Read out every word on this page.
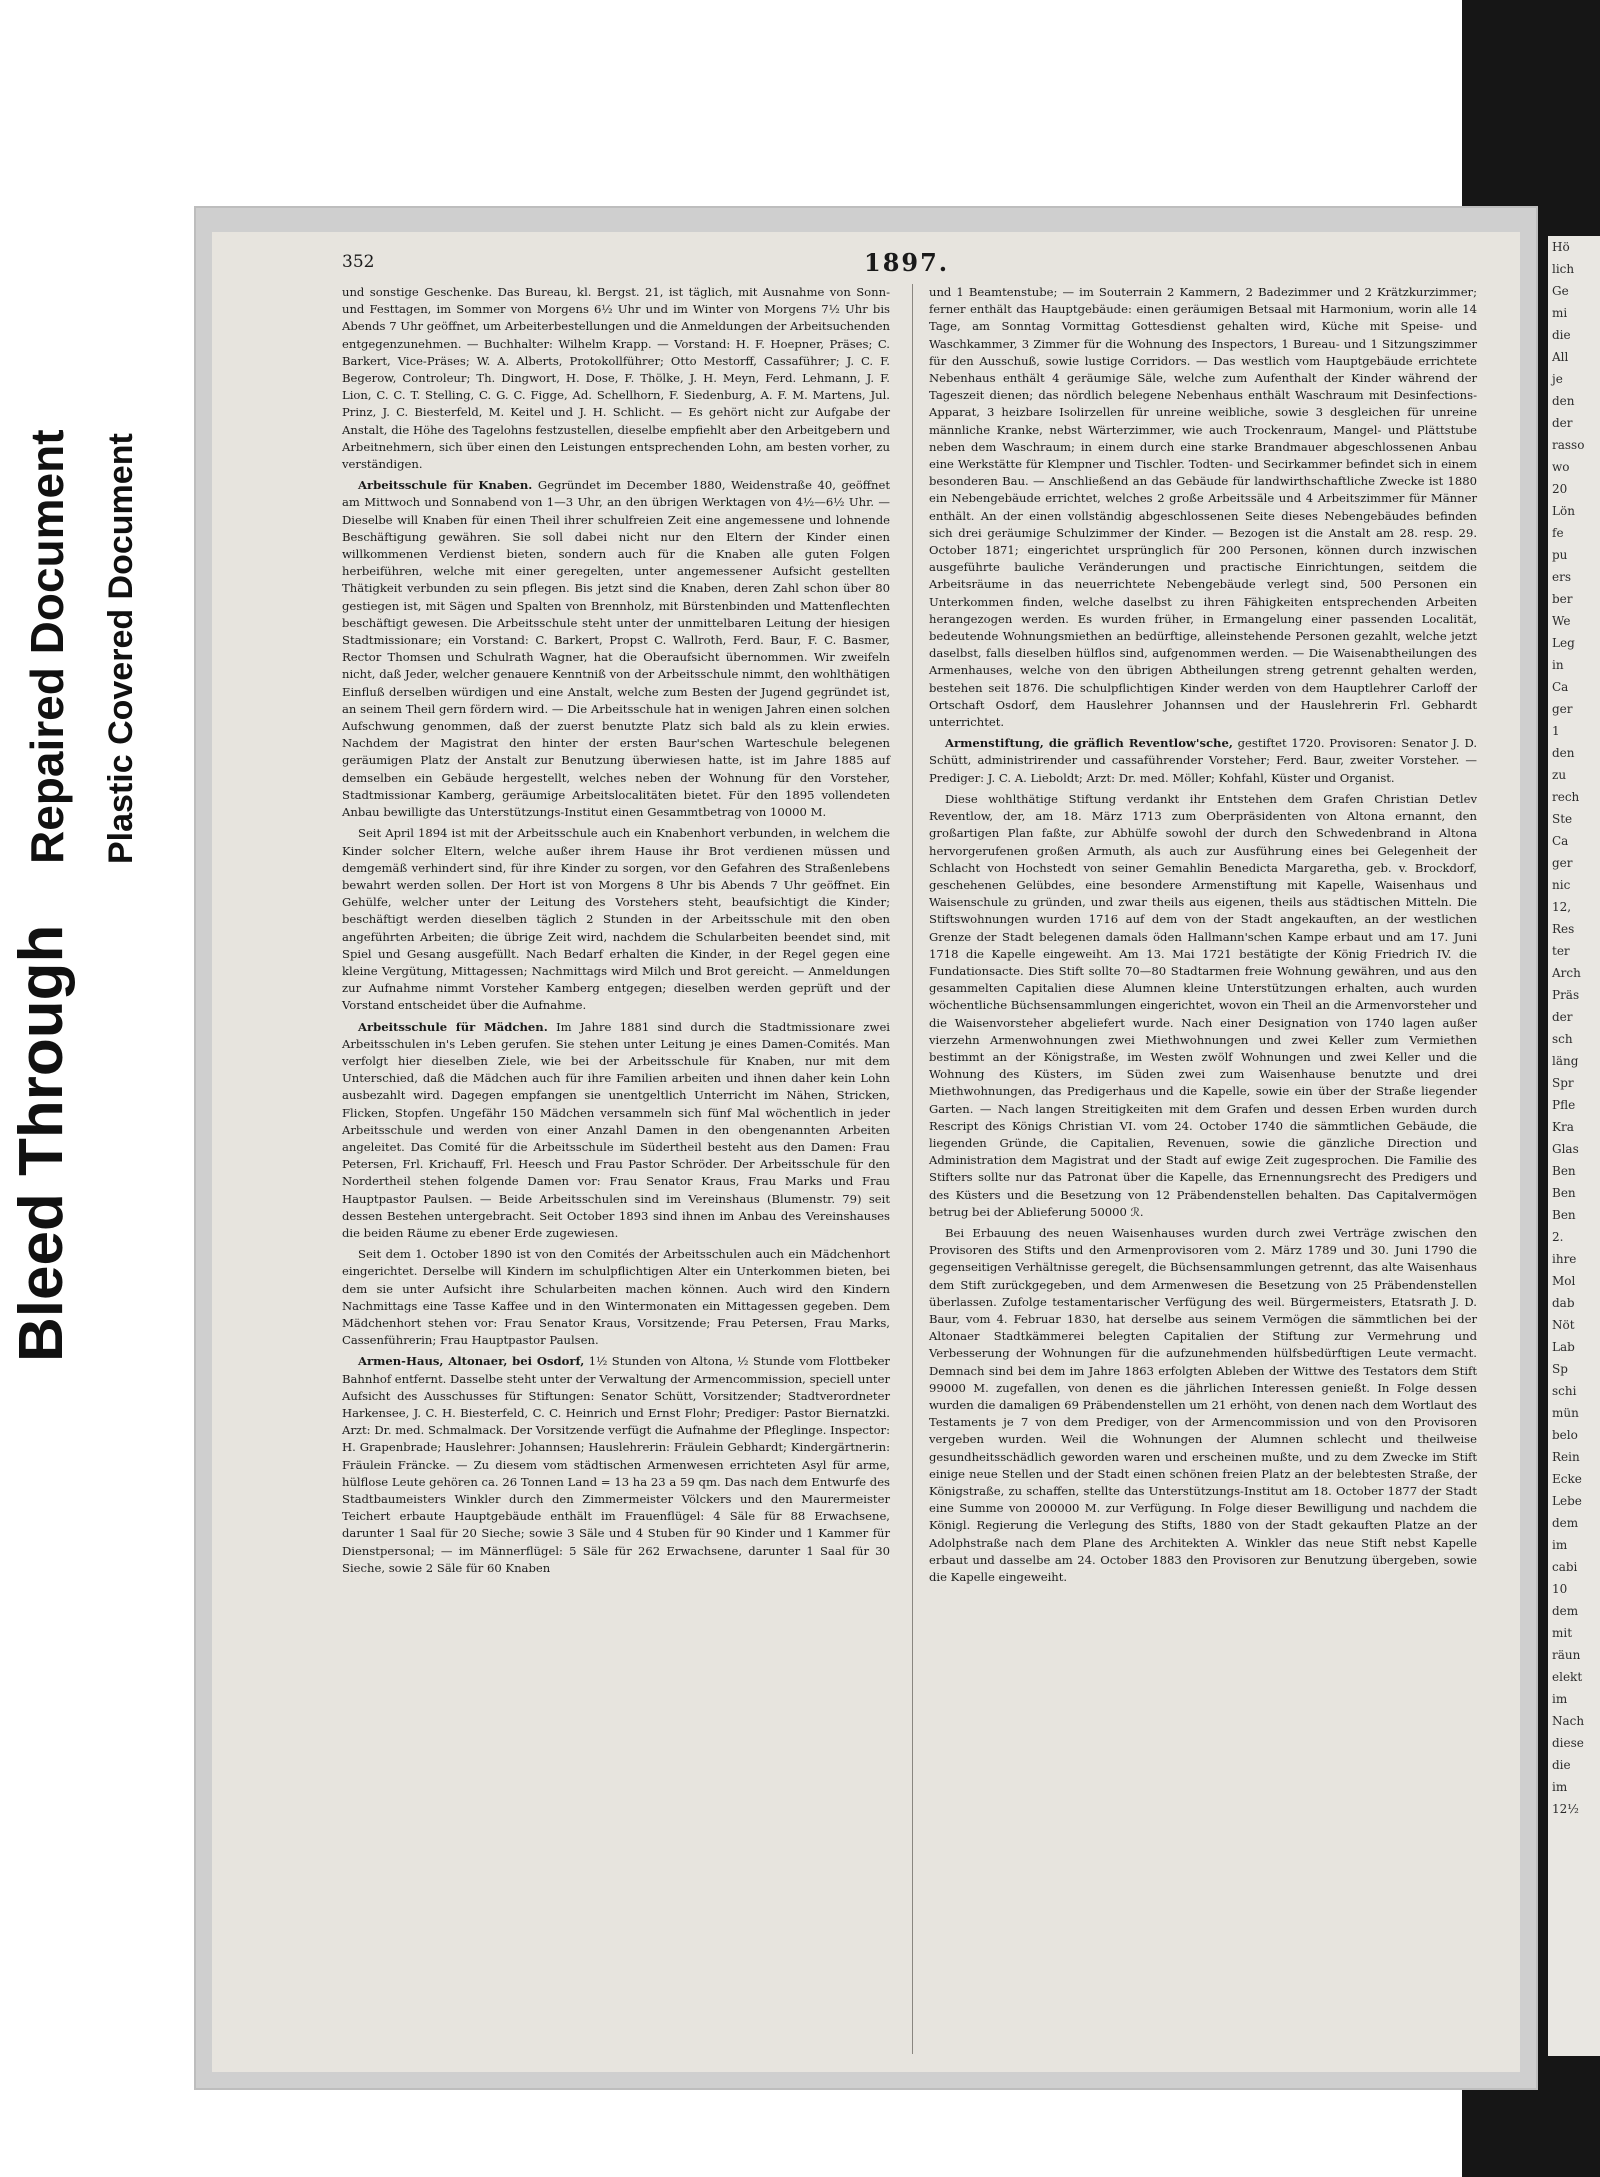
Bleed Through
Repaired Document Plastic Covered Document
352	1897.

und sonstige Geschenke. Das Bureau, kl. Bergst. 21, ist täglich, mit Ausnahme von Sonn- und Festtagen, im Sommer von Morgens 6½ Uhr und im Winter von Morgens 7½ Uhr bis Abends 7 Uhr geöffnet, um Arbeiterbestellungen und die Anmeldungen der Arbeitsuchenden entgegenzunehmen. — Buchhalter: Wilhelm Krapp. — Vorstand: H. F. Hoepner, Präses; C. Barkert, Vice-Präses; W. A. Alberts, Protokollführer; Otto Mestorff, Cassaführer; J. C. F. Begerow, Controleur; Th. Dingwort, H. Dose, F. Thölke, J. H. Meyn, Ferd. Lehmann, J. F. Lion, C. C. T. Stelling, C. G. C. Figge, Ad. Schellhorn, F. Siedenburg, A. F. M. Martens, Jul. Prinz, J. C. Biesterfeld, M. Keitel und J. H. Schlicht. — Es gehört nicht zur Aufgabe der Anstalt, die Höhe des Tagelohns festzustellen, dieselbe empfiehlt aber den Arbeitgebern und Arbeitnehmern, sich über einen den Leistungen entsprechenden Lohn, am besten vorher, zu verständigen.

Arbeitsschule für Knaben. Gegründet im December 1880, Weidenstraße 40, geöffnet am Mittwoch und Sonnabend von 1—3 Uhr, an den übrigen Werktagen von 4½—6½ Uhr. — Dieselbe will Knaben für einen Theil ihrer schulfreien Zeit eine angemessene und lohnende Beschäftigung gewähren. Sie soll dabei nicht nur den Eltern der Kinder einen willkommenen Verdienst bieten, sondern auch für die Knaben alle guten Folgen herbeiführen, welche mit einer geregelten, unter angemessener Aufsicht gestellten Thätigkeit verbunden zu sein pflegen. Bis jetzt sind die Knaben, deren Zahl schon über 80 gestiegen ist, mit Sägen und Spalten von Brennholz, mit Bürstenbinden und Mattenflechten beschäftigt gewesen. Die Arbeitsschule steht unter der unmittelbaren Leitung der hiesigen Stadtmissionare; ein Vorstand: C. Barkert, Propst C. Wallroth, Ferd. Baur, F. C. Basmer, Rector Thomsen und Schulrath Wagner, hat die Oberaufsicht übernommen. Wir zweifeln nicht, daß Jeder, welcher genauere Kenntniß von der Arbeitsschule nimmt, den wohlthätigen Einfluß derselben würdigen und eine Anstalt, welche zum Besten der Jugend gegründet ist, an seinem Theil gern fördern wird. — Die Arbeitsschule hat in wenigen Jahren einen solchen Aufschwung genommen, daß der zuerst benutzte Platz sich bald als zu klein erwies. Nachdem der Magistrat den hinter der ersten Baur'schen Warteschule belegenen geräumigen Platz der Anstalt zur Benutzung überwiesen hatte, ist im Jahre 1885 auf demselben ein Gebäude hergestellt, welches neben der Wohnung für den Vorsteher, Stadtmissionar Kamberg, geräumige Arbeitslocalitäten bietet. Für den 1895 vollendeten Anbau bewilligte das Unterstützungs-Institut einen Gesammtbetrag von 10000 M.

Seit April 1894 ist mit der Arbeitsschule auch ein Knabenhort verbunden, in welchem die Kinder solcher Eltern, welche außer ihrem Hause ihr Brot verdienen müssen und demgemäß verhindert sind, für ihre Kinder zu sorgen, vor den Gefahren des Straßenlebens bewahrt werden sollen. Der Hort ist von Morgens 8 Uhr bis Abends 7 Uhr geöffnet. Ein Gehülfe, welcher unter der Leitung des Vorstehers steht, beaufsichtigt die Kinder; beschäftigt werden dieselben täglich 2 Stunden in der Arbeitsschule mit den oben angeführten Arbeiten; die übrige Zeit wird, nachdem die Schularbeiten beendet sind, mit Spiel und Gesang ausgefüllt. Nach Bedarf erhalten die Kinder, in der Regel gegen eine kleine Vergütung, Mittagessen; Nachmittags wird Milch und Brot gereicht. — Anmeldungen zur Aufnahme nimmt Vorsteher Kamberg entgegen; dieselben werden geprüft und der Vorstand entscheidet über die Aufnahme.

Arbeitsschule für Mädchen. Im Jahre 1881 sind durch die Stadtmissionare zwei Arbeitsschulen in's Leben gerufen. Sie stehen unter Leitung je eines Damen-Comités. Man verfolgt hier dieselben Ziele, wie bei der Arbeitsschule für Knaben, nur mit dem Unterschied, daß die Mädchen auch für ihre Familien arbeiten und ihnen daher kein Lohn ausbezahlt wird. Dagegen empfangen sie unentgeltlich Unterricht im Nähen, Stricken, Flicken, Stopfen. Ungefähr 150 Mädchen versammeln sich fünf Mal wöchentlich in jeder Arbeitsschule und werden von einer Anzahl Damen in den obengenannten Arbeiten angeleitet. Das Comité für die Arbeitsschule im Südertheil besteht aus den Damen: Frau Petersen, Frl. Krichauff, Frl. Heesch und Frau Pastor Schröder. Der Arbeitsschule für den Nordertheil stehen folgende Damen vor: Frau Senator Kraus, Frau Marks und Frau Hauptpastor Paulsen. — Beide Arbeitsschulen sind im Vereinshaus (Blumenstr. 79) seit dessen Bestehen untergebracht. Seit October 1893 sind ihnen im Anbau des Vereinshauses die beiden Räume zu ebener Erde zugewiesen.

Seit dem 1. October 1890 ist von den Comités der Arbeitsschulen auch ein Mädchenhort eingerichtet. Derselbe will Kindern im schulpflichtigen Alter ein Unterkommen bieten, bei dem sie unter Aufsicht ihre Schularbeiten machen können. Auch wird den Kindern Nachmittags eine Tasse Kaffee und in den Wintermonaten ein Mittagessen gegeben. Dem Mädchenhort stehen vor: Frau Senator Kraus, Vorsitzende; Frau Petersen, Frau Marks, Cassenführerin; Frau Hauptpastor Paulsen.

Armen-Haus, Altonaer, bei Osdorf, 1½ Stunden von Altona, ½ Stunde vom Flottbeker Bahnhof entfernt. Dasselbe steht unter der Verwaltung der Armencommission, speciell unter Aufsicht des Ausschusses für Stiftungen: Senator Schütt, Vorsitzender; Stadtverordneter Harkensee, J. C. H. Biesterfeld, C. C. Heinrich und Ernst Flohr; Prediger: Pastor Biernatzki. Arzt: Dr. med. Schmalmack. Der Vorsitzende verfügt die Aufnahme der Pfleglinge. Inspector: H. Grapenbrade; Hauslehrer: Johannsen; Hauslehrerin: Fräulein Gebhardt; Kindergärtnerin: Fräulein Fräncke. — Zu diesem vom städtischen Armenwesen errichteten Asyl für arme, hülflose Leute gehören ca. 26 Tonnen Land = 13 ha 23 a 59 qm. Das nach dem Entwurfe des Stadtbaumeisters Winkler durch den Zimmermeister Völckers und den Maurermeister Teichert erbaute Hauptgebäude enthält im Frauenflügel: 4 Säle für 88 Erwachsene, darunter 1 Saal für 20 Sieche; sowie 3 Säle und 4 Stuben für 90 Kinder und 1 Kammer für Dienstpersonal; — im Männerflügel: 5 Säle für 262 Erwachsene, darunter 1 Saal für 30 Sieche, sowie 2 Säle für 60 Knaben

und 1 Beamtenstube; — im Souterrain 2 Kammern, 2 Badezimmer und 2 Krätzkurzimmer; ferner enthält das Hauptgebäude: einen geräumigen Betsaal mit Harmonium, worin alle 14 Tage, am Sonntag Vormittag Gottesdienst gehalten wird, Küche mit Speise- und Waschkammer, 3 Zimmer für die Wohnung des Inspectors, 1 Bureau- und 1 Sitzungszimmer für den Ausschuß, sowie lustige Corridors. — Das westlich vom Hauptgebäude errichtete Nebenhaus enthält 4 geräumige Säle, welche zum Aufenthalt der Kinder während der Tageszeit dienen; das nördlich belegene Nebenhaus enthält Waschraum mit Desinfections-Apparat, 3 heizbare Isolirzellen für unreine weibliche, sowie 3 desgleichen für unreine männliche Kranke, nebst Wärterzimmer, wie auch Trockenraum, Mangel- und Plättstube neben dem Waschraum; in einem durch eine starke Brandmauer abgeschlossenen Anbau eine Werkstätte für Klempner und Tischler. Todten- und Secirkammer befindet sich in einem besonderen Bau. — Anschließend an das Gebäude für landwirthschaftliche Zwecke ist 1880 ein Nebengebäude errichtet, welches 2 große Arbeitssäle und 4 Arbeitszimmer für Männer enthält. An der einen vollständig abgeschlossenen Seite dieses Nebengebäudes befinden sich drei geräumige Schulzimmer der Kinder. — Bezogen ist die Anstalt am 28. resp. 29. October 1871; eingerichtet ursprünglich für 200 Personen, können durch inzwischen ausgeführte bauliche Veränderungen und practische Einrichtungen, seitdem die Arbeitsräume in das neuerrichtete Nebengebäude verlegt sind, 500 Personen ein Unterkommen finden, welche daselbst zu ihren Fähigkeiten entsprechenden Arbeiten herangezogen werden. Es wurden früher, in Ermangelung einer passenden Localität, bedeutende Wohnungsmiethen an bedürftige, alleinstehende Personen gezahlt, welche jetzt daselbst, falls dieselben hülflos sind, aufgenommen werden. — Die Waisenabtheilungen des Armenhauses, welche von den übrigen Abtheilungen streng getrennt gehalten werden, bestehen seit 1876. Die schulpflichtigen Kinder werden von dem Hauptlehrer Carloff der Ortschaft Osdorf, dem Hauslehrer Johannsen und der Hauslehrerin Frl. Gebhardt unterrichtet.

Armenstiftung, die gräflich Reventlow'sche, gestiftet 1720. Provisoren: Senator J. D. Schütt, administrirender und cassaführender Vorsteher; Ferd. Baur, zweiter Vorsteher. — Prediger: J. C. A. Lieboldt; Arzt: Dr. med. Möller; Kohfahl, Küster und Organist.

Diese wohlthätige Stiftung verdankt ihr Entstehen dem Grafen Christian Detlev Reventlow, der, am 18. März 1713 zum Oberpräsidenten von Altona ernannt, den großartigen Plan faßte, zur Abhülfe sowohl der durch den Schwedenbrand in Altona hervorgerufenen großen Armuth, als auch zur Ausführung eines bei Gelegenheit der Schlacht von Hochstedt von seiner Gemahlin Benedicta Margaretha, geb. v. Brockdorf, geschehenen Gelübdes, eine besondere Armenstiftung mit Kapelle, Waisenhaus und Waisenschule zu gründen, und zwar theils aus eigenen, theils aus städtischen Mitteln. Die Stiftswohnungen wurden 1716 auf dem von der Stadt angekauften, an der westlichen Grenze der Stadt belegenen damals öden Hallmann'schen Kampe erbaut und am 17. Juni 1718 die Kapelle eingeweiht. Am 13. Mai 1721 bestätigte der König Friedrich IV. die Fundationsacte. Dies Stift sollte 70—80 Stadtarmen freie Wohnung gewähren, und aus den gesammelten Capitalien diese Alumnen kleine Unterstützungen erhalten, auch wurden wöchentliche Büchsensammlungen eingerichtet, wovon ein Theil an die Armenvorsteher und die Waisenvorsteher abgeliefert wurde. Nach einer Designation von 1740 lagen außer vierzehn Armenwohnungen zwei Miethwohnungen und zwei Keller zum Vermiethen bestimmt an der Königstraße, im Westen zwölf Wohnungen und zwei Keller und die Wohnung des Küsters, im Süden zwei zum Waisenhause benutzte und drei Miethwohnungen, das Predigerhaus und die Kapelle, sowie ein über der Straße liegender Garten. — Nach langen Streitigkeiten mit dem Grafen und dessen Erben wurden durch Rescript des Königs Christian VI. vom 24. October 1740 die sämmtlichen Gebäude, die liegenden Gründe, die Capitalien, Revenuen, sowie die gänzliche Direction und Administration dem Magistrat und der Stadt auf ewige Zeit zugesprochen. Die Familie des Stifters sollte nur das Patronat über die Kapelle, das Ernennungsrecht des Predigers und des Küsters und die Besetzung von 12 Präbendenstellen behalten. Das Capitalvermögen betrug bei der Ablieferung 50000 ℛ.

Bei Erbauung des neuen Waisenhauses wurden durch zwei Verträge zwischen den Provisoren des Stifts und den Armenprovisoren vom 2. März 1789 und 30. Juni 1790 die gegenseitigen Verhältnisse geregelt, die Büchsensammlungen getrennt, das alte Waisenhaus dem Stift zurückgegeben, und dem Armenwesen die Besetzung von 25 Präbendenstellen überlassen. Zufolge testamentarischer Verfügung des weil. Bürgermeisters, Etatsrath J. D. Baur, vom 4. Februar 1830, hat derselbe aus seinem Vermögen die sämmtlichen bei der Altonaer Stadtkämmerei belegten Capitalien der Stiftung zur Vermehrung und Verbesserung der Wohnungen für die aufzunehmenden hülfsbedürftigen Leute vermacht. Demnach sind bei dem im Jahre 1863 erfolgten Ableben der Wittwe des Testators dem Stift 99000 M. zugefallen, von denen es die jährlichen Interessen genießt. In Folge dessen wurden die damaligen 69 Präbendenstellen um 21 erhöht, von denen nach dem Wortlaut des Testaments je 7 von dem Prediger, von der Armencommission und von den Provisoren vergeben wurden. Weil die Wohnungen der Alumnen schlecht und theilweise gesundheitsschädlich geworden waren und erscheinen mußte, und zu dem Zwecke im Stift einige neue Stellen und der Stadt einen schönen freien Platz an der belebtesten Straße, der Königstraße, zu schaffen, stellte das Unterstützungs-Institut am 18. October 1877 der Stadt eine Summe von 200000 M. zur Verfügung. In Folge dieser Bewilligung und nachdem die Königl. Regierung die Verlegung des Stifts, 1880 von der Stadt gekauften Platze an der Adolphstraße nach dem Plane des Architekten A. Winkler das neue Stift nebst Kapelle erbaut und dasselbe am 24. October 1883 den Provisoren zur Benutzung übergeben, sowie die Kapelle eingeweiht.

Hö
lich
Ge
mi
die
All
je
den
der
rasso
wo
20
Lön
fe
pu
ers
ber
We
Leg
in
Ca
ger
1
den
zu
rech
Ste
Ca
ger
nic
12,
Res
ter
Arch
Präs
der
sch
läng
Spr
Pfle
Kra
Glas
Ben
Ben
Ben
2.
ihre
Mol
dab
Nöt
Lab
Sp
schi
mün
belo
Rein
Ecke
Lebe
dem
im
cabi
10
dem
mit
räun
elekt
im
Nach
diese
die
im
12½
